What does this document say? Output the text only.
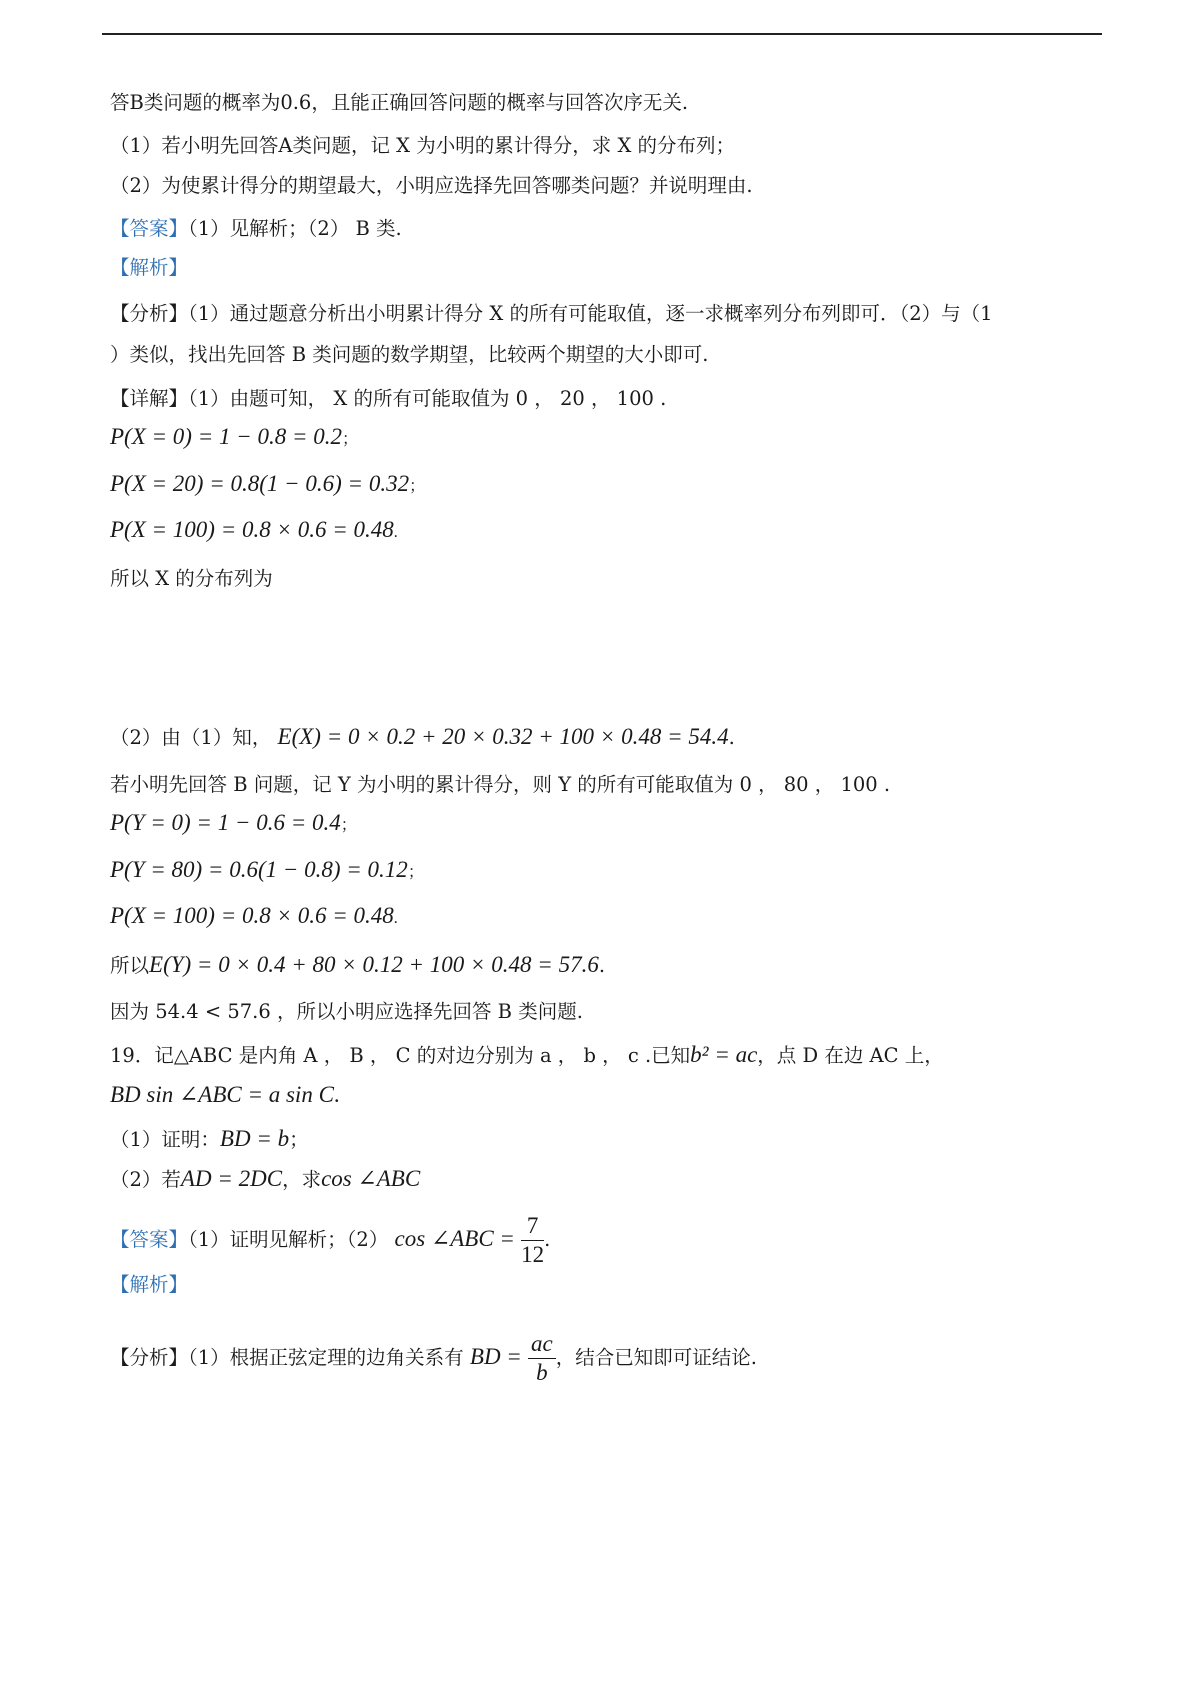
答B类问题的概率为0.6，且能正确回答问题的概率与回答次序无关.
（1）若小明先回答A类问题，记 X 为小明的累计得分，求 X 的分布列；
（2）为使累计得分的期望最大，小明应选择先回答哪类问题？并说明理由.
【答案】（1）见解析；（2） B 类.
【解析】
【分析】（1）通过题意分析出小明累计得分 X 的所有可能取值，逐一求概率列分布列即可．（2）与（1
）类似，找出先回答 B 类问题的数学期望，比较两个期望的大小即可.
【详解】（1）由题可知， X 的所有可能取值为 0 ， 20 ， 100 .
P(X = 0) = 1 − 0.8 = 0.2；
P(X = 20) = 0.8(1 − 0.6) = 0.32；
P(X = 100) = 0.8 × 0.6 = 0.48.
所以 X 的分布列为
（2）由（1）知， E(X) = 0 × 0.2 + 20 × 0.32 + 100 × 0.48 = 54.4.
若小明先回答 B 问题，记 Y 为小明的累计得分，则 Y 的所有可能取值为 0 ， 80 ， 100 .
P(Y = 0) = 1 − 0.6 = 0.4；
P(Y = 80) = 0.6(1 − 0.8) = 0.12；
P(X = 100) = 0.8 × 0.6 = 0.48.
所以E(Y) = 0 × 0.4 + 80 × 0.12 + 100 × 0.48 = 57.6.
因为 54.4 < 57.6 ，所以小明应选择先回答 B 类问题.
19．记△ABC 是内角 A ， B ， C 的对边分别为 a ， b ， c .已知b² = ac，点 D 在边 AC 上，
BD sin ∠ABC = a sin C.
（1）证明：BD = b；
（2）若AD = 2DC，求cos ∠ABC
【答案】（1）证明见解析；（2） cos ∠ABC = $\frac{7}{12}$ .
【解析】
【分析】（1）根据正弦定理的边角关系有 BD = $\frac{ac}{b}$ ，结合已知即可证结论.
